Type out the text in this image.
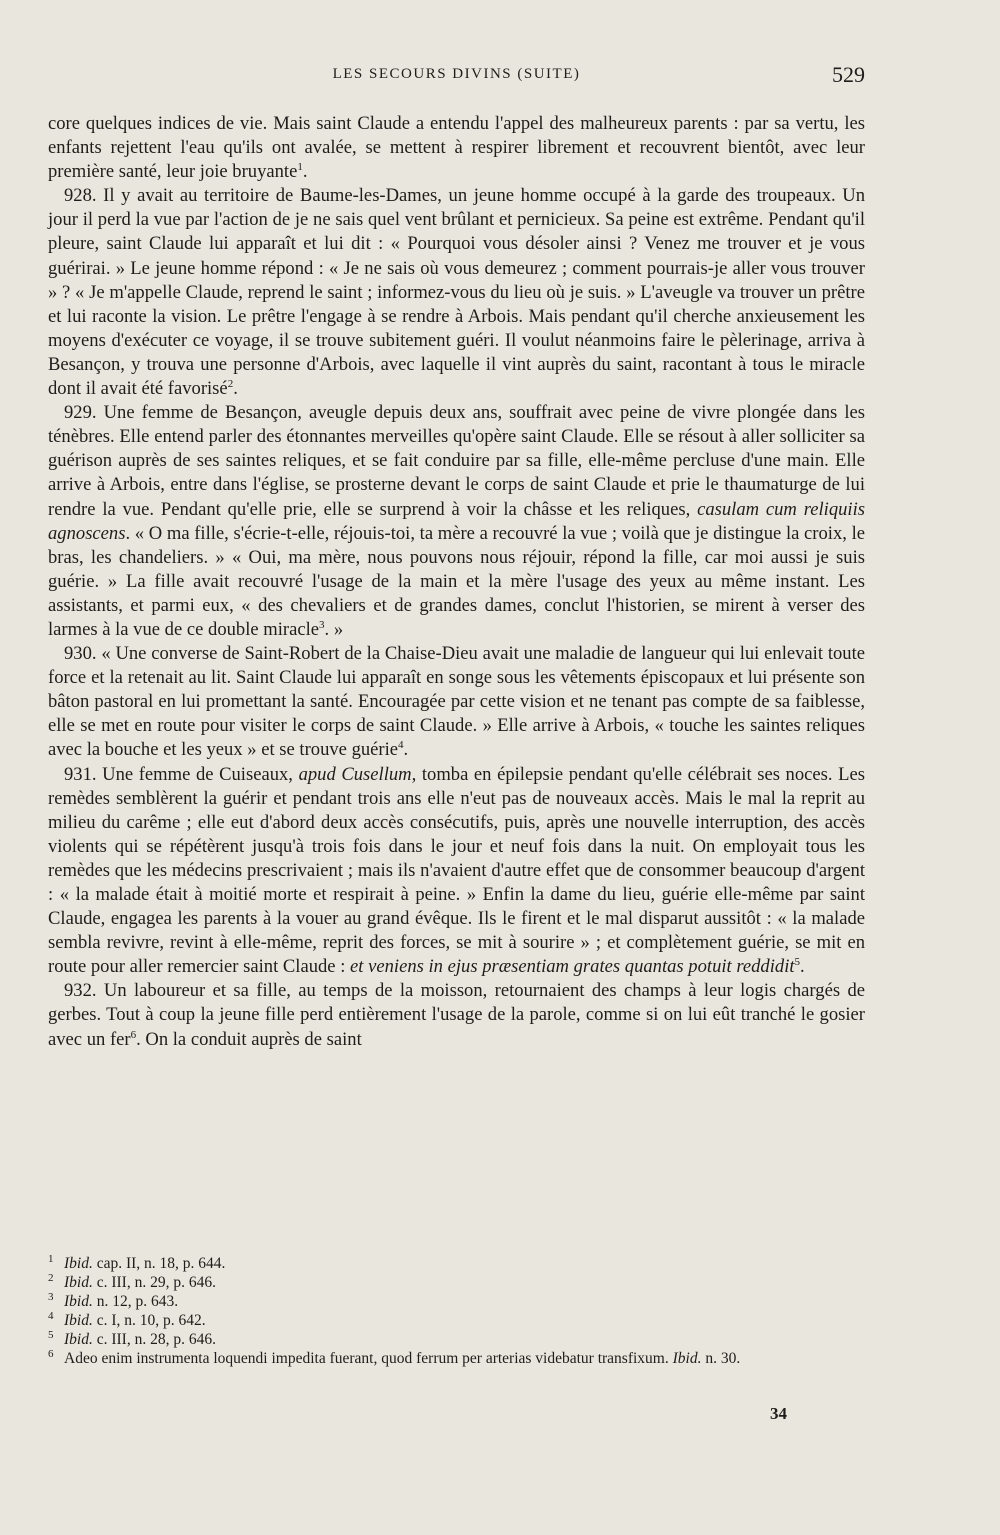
LES SECOURS DIVINS (SUITE)	529

core quelques indices de vie. Mais saint Claude a entendu l'appel des malheureux parents : par sa vertu, les enfants rejettent l'eau qu'ils ont avalée, se mettent à respirer librement et recouvrent bientôt, avec leur première santé, leur joie bruyante$^1$.

928. Il y avait au territoire de Baume-les-Dames, un jeune homme occupé à la garde des troupeaux. Un jour il perd la vue par l'action de je ne sais quel vent brûlant et pernicieux. Sa peine est extrême. Pendant qu'il pleure, saint Claude lui apparaît et lui dit : « Pourquoi vous désoler ainsi ? Venez me trouver et je vous guérirai. » Le jeune homme répond : « Je ne sais où vous demeurez ; comment pourrais-je aller vous trouver » ? « Je m'appelle Claude, reprend le saint ; informez-vous du lieu où je suis. » L'aveugle va trouver un prêtre et lui raconte la vision. Le prêtre l'engage à se rendre à Arbois. Mais pendant qu'il cherche anxieusement les moyens d'exécuter ce voyage, il se trouve subitement guéri. Il voulut néanmoins faire le pèlerinage, arriva à Besançon, y trouva une personne d'Arbois, avec laquelle il vint auprès du saint, racontant à tous le miracle dont il avait été favorisé$^2$.

929. Une femme de Besançon, aveugle depuis deux ans, souffrait avec peine de vivre plongée dans les ténèbres. Elle entend parler des étonnantes merveilles qu'opère saint Claude. Elle se résout à aller solliciter sa guérison auprès de ses saintes reliques, et se fait conduire par sa fille, elle-même percluse d'une main. Elle arrive à Arbois, entre dans l'église, se prosterne devant le corps de saint Claude et prie le thaumaturge de lui rendre la vue. Pendant qu'elle prie, elle se surprend à voir la châsse et les reliques, casulam cum reliquiis agnoscens. « O ma fille, s'écrie-t-elle, réjouis-toi, ta mère a recouvré la vue ; voilà que je distingue la croix, le bras, les chandeliers. » « Oui, ma mère, nous pouvons nous réjouir, répond la fille, car moi aussi je suis guérie. » La fille avait recouvré l'usage de la main et la mère l'usage des yeux au même instant. Les assistants, et parmi eux, « des chevaliers et de grandes dames, conclut l'historien, se mirent à verser des larmes à la vue de ce double miracle$^3$. »

930. « Une converse de Saint-Robert de la Chaise-Dieu avait une maladie de langueur qui lui enlevait toute force et la retenait au lit. Saint Claude lui apparaît en songe sous les vêtements épiscopaux et lui présente son bâton pastoral en lui promettant la santé. Encouragée par cette vision et ne tenant pas compte de sa faiblesse, elle se met en route pour visiter le corps de saint Claude. » Elle arrive à Arbois, « touche les saintes reliques avec la bouche et les yeux » et se trouve guérie$^4$.

931. Une femme de Cuiseaux, apud Cusellum, tomba en épilepsie pendant qu'elle célébrait ses noces. Les remèdes semblèrent la guérir et pendant trois ans elle n'eut pas de nouveaux accès. Mais le mal la reprit au milieu du carême ; elle eut d'abord deux accès consécutifs, puis, après une nouvelle interruption, des accès violents qui se répétèrent jusqu'à trois fois dans le jour et neuf fois dans la nuit. On employait tous les remèdes que les médecins prescrivaient ; mais ils n'avaient d'autre effet que de consommer beaucoup d'argent : « la malade était à moitié morte et respirait à peine. » Enfin la dame du lieu, guérie elle-même par saint Claude, engagea les parents à la vouer au grand évêque. Ils le firent et le mal disparut aussitôt : « la malade sembla revivre, revint à elle-même, reprit des forces, se mit à sourire » ; et complètement guérie, se mit en route pour aller remercier saint Claude : et veniens in ejus præsentiam grates quantas potuit reddidit$^5$.

932. Un laboureur et sa fille, au temps de la moisson, retournaient des champs à leur logis chargés de gerbes. Tout à coup la jeune fille perd entièrement l'usage de la parole, comme si on lui eût tranché le gosier avec un fer$^6$. On la conduit auprès de saint

1 Ibid. cap. II, n. 18, p. 644.
2 Ibid. c. III, n. 29, p. 646.
3 Ibid. n. 12, p. 643.
4 Ibid. c. I, n. 10, p. 642.
5 Ibid. c. III, n. 28, p. 646.
6 Adeo enim instrumenta loquendi impedita fuerant, quod ferrum per arterias videbatur transfixum. Ibid. n. 30.
34
